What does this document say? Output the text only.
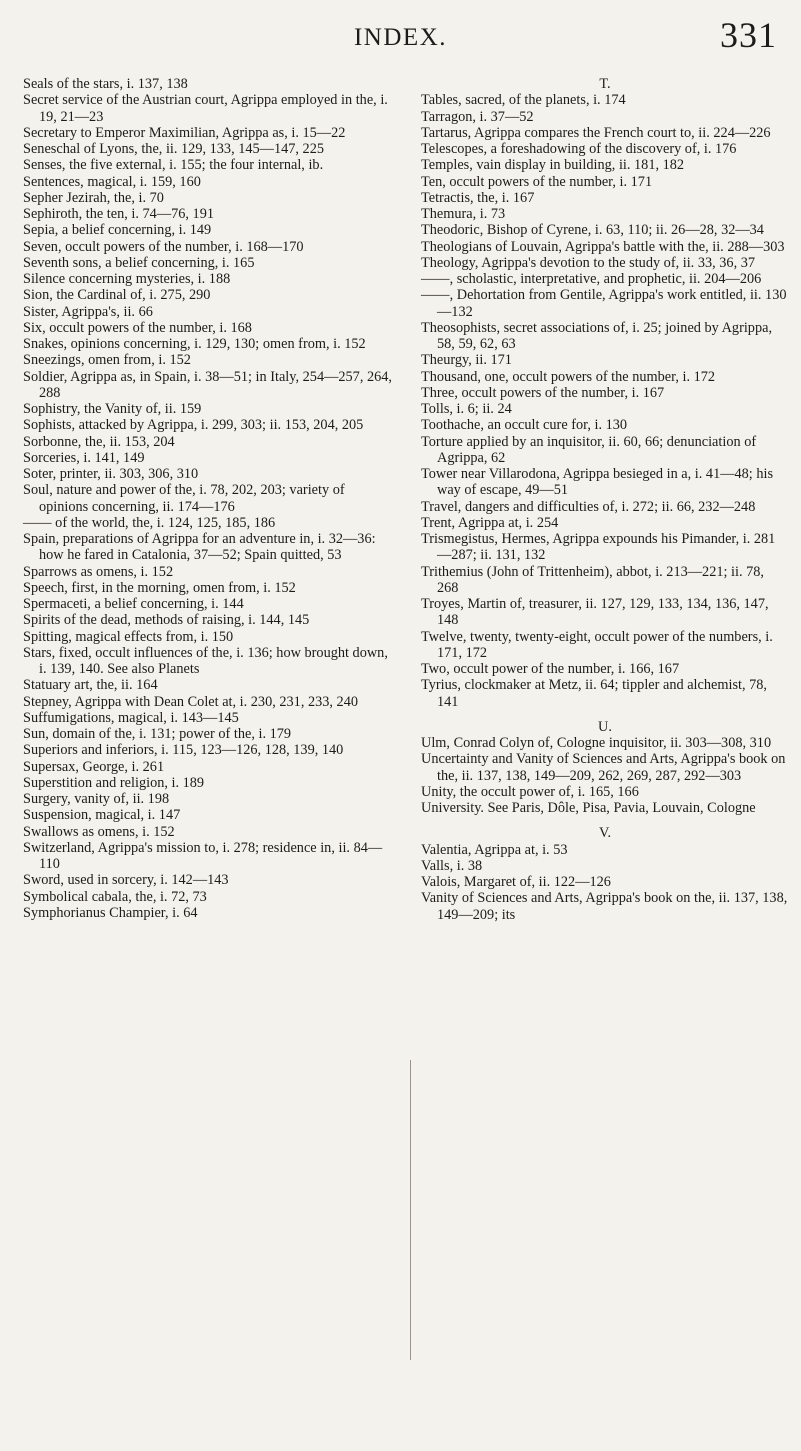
INDEX.	331
Seals of the stars, i. 137, 138
Secret service of the Austrian court, Agrippa employed in the, i. 19, 21—23
Secretary to Emperor Maximilian, Agrippa as, i. 15—22
Seneschal of Lyons, the, ii. 129, 133, 145—147, 225
Senses, the five external, i. 155; the four internal, ib.
Sentences, magical, i. 159, 160
Sepher Jezirah, the, i. 70
Sephiroth, the ten, i. 74—76, 191
Sepia, a belief concerning, i. 149
Seven, occult powers of the number, i. 168—170
Seventh sons, a belief concerning, i. 165
Silence concerning mysteries, i. 188
Sion, the Cardinal of, i. 275, 290
Sister, Agrippa's, ii. 66
Six, occult powers of the number, i. 168
Snakes, opinions concerning, i. 129, 130; omen from, i. 152
Sneezings, omen from, i. 152
Soldier, Agrippa as, in Spain, i. 38—51; in Italy, 254—257, 264, 288
Sophistry, the Vanity of, ii. 159
Sophists, attacked by Agrippa, i. 299, 303; ii. 153, 204, 205
Sorbonne, the, ii. 153, 204
Sorceries, i. 141, 149
Soter, printer, ii. 303, 306, 310
Soul, nature and power of the, i. 78, 202, 203; variety of opinions concerning, ii. 174—176
—— of the world, the, i. 124, 125, 185, 186
Spain, preparations of Agrippa for an adventure in, i. 32—36: how he fared in Catalonia, 37—52; Spain quitted, 53
Sparrows as omens, i. 152
Speech, first, in the morning, omen from, i. 152
Spermaceti, a belief concerning, i. 144
Spirits of the dead, methods of raising, i. 144, 145
Spitting, magical effects from, i. 150
Stars, fixed, occult influences of the, i. 136; how brought down, i. 139, 140. See also Planets
Statuary art, the, ii. 164
Stepney, Agrippa with Dean Colet at, i. 230, 231, 233, 240
Suffumigations, magical, i. 143—145
Sun, domain of the, i. 131; power of the, i. 179
Superiors and inferiors, i. 115, 123—126, 128, 139, 140
Supersax, George, i. 261
Superstition and religion, i. 189
Surgery, vanity of, ii. 198
Suspension, magical, i. 147
Swallows as omens, i. 152
Switzerland, Agrippa's mission to, i. 278; residence in, ii. 84—110
Sword, used in sorcery, i. 142—143
Symbolical cabala, the, i. 72, 73
Symphorianus Champier, i. 64
T.
Tables, sacred, of the planets, i. 174
Tarragon, i. 37—52
Tartarus, Agrippa compares the French court to, ii. 224—226
Telescopes, a foreshadowing of the discovery of, i. 176
Temples, vain display in building, ii. 181, 182
Ten, occult powers of the number, i. 171
Tetractis, the, i. 167
Themura, i. 73
Theodoric, Bishop of Cyrene, i. 63, 110; ii. 26—28, 32—34
Theologians of Louvain, Agrippa's battle with the, ii. 288—303
Theology, Agrippa's devotion to the study of, ii. 33, 36, 37
——, scholastic, interpretative, and prophetic, ii. 204—206
——, Dehortation from Gentile, Agrippa's work entitled, ii. 130—132
Theosophists, secret associations of, i. 25; joined by Agrippa, 58, 59, 62, 63
Theurgy, ii. 171
Thousand, one, occult powers of the number, i. 172
Three, occult powers of the number, i. 167
Tolls, i. 6; ii. 24
Toothache, an occult cure for, i. 130
Torture applied by an inquisitor, ii. 60, 66; denunciation of Agrippa, 62
Tower near Villarodona, Agrippa besieged in a, i. 41—48; his way of escape, 49—51
Travel, dangers and difficulties of, i. 272; ii. 66, 232—248
Trent, Agrippa at, i. 254
Trismegistus, Hermes, Agrippa expounds his Pimander, i. 281—287; ii. 131, 132
Trithemius (John of Trittenheim), abbot, i. 213—221; ii. 78, 268
Troyes, Martin of, treasurer, ii. 127, 129, 133, 134, 136, 147, 148
Twelve, twenty, twenty-eight, occult power of the numbers, i. 171, 172
Two, occult power of the number, i. 166, 167
Tyrius, clockmaker at Metz, ii. 64; tippler and alchemist, 78, 141
U.
Ulm, Conrad Colyn of, Cologne inquisitor, ii. 303—308, 310
Uncertainty and Vanity of Sciences and Arts, Agrippa's book on the, ii. 137, 138, 149—209, 262, 269, 287, 292—303
Unity, the occult power of, i. 165, 166
University. See Paris, Dôle, Pisa, Pavia, Louvain, Cologne
V.
Valentia, Agrippa at, i. 53
Valls, i. 38
Valois, Margaret of, ii. 122—126
Vanity of Sciences and Arts, Agrippa's book on the, ii. 137, 138, 149—209; its
